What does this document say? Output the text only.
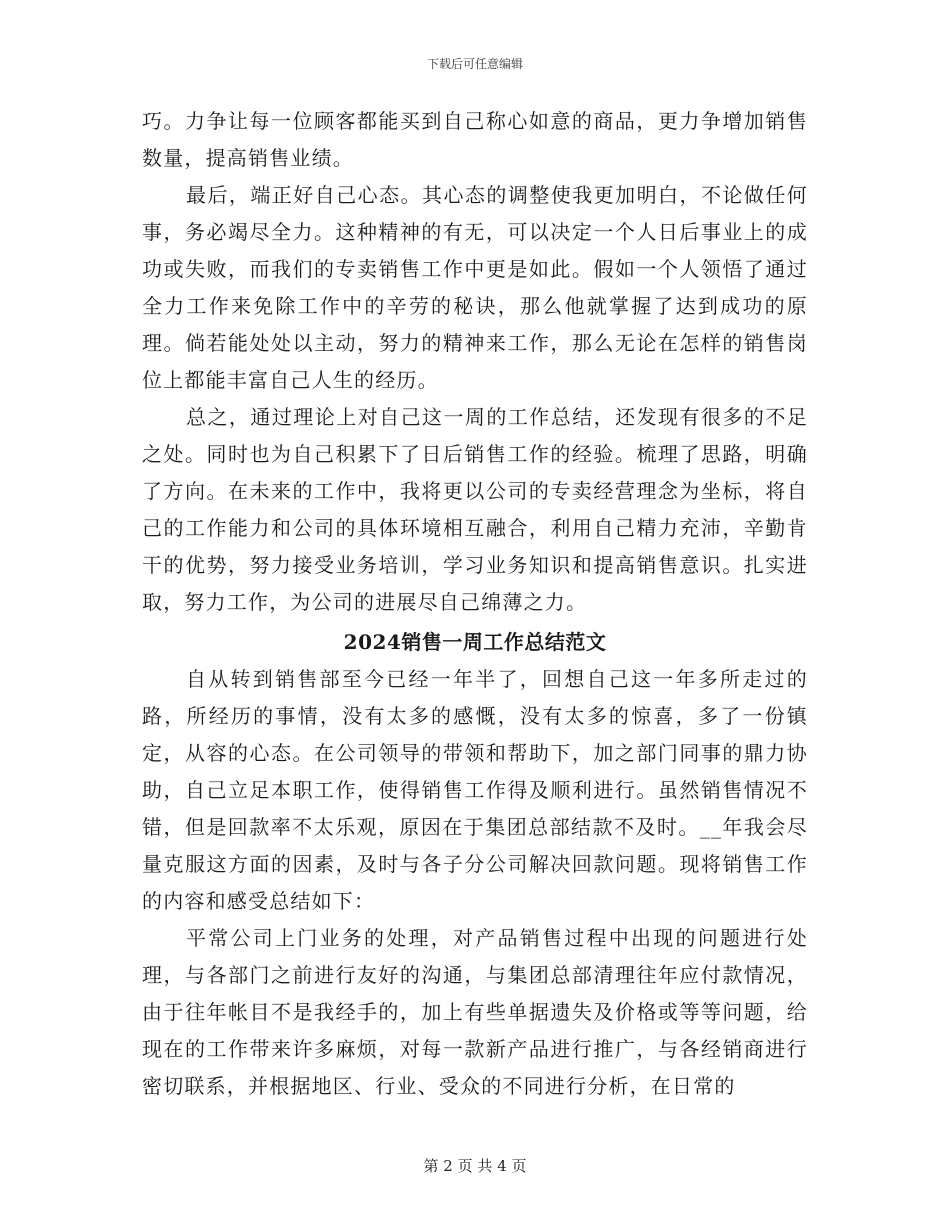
下载后可任意编辑

巧。力争让每一位顾客都能买到自己称心如意的商品，更力争增加销售数量，提高销售业绩。

最后，端正好自己心态。其心态的调整使我更加明白，不论做任何事，务必竭尽全力。这种精神的有无，可以决定一个人日后事业上的成功或失败，而我们的专卖销售工作中更是如此。假如一个人领悟了通过全力工作来免除工作中的辛劳的秘诀，那么他就掌握了达到成功的原理。倘若能处处以主动，努力的精神来工作，那么无论在怎样的销售岗位上都能丰富自己人生的经历。

总之，通过理论上对自己这一周的工作总结，还发现有很多的不足之处。同时也为自己积累下了日后销售工作的经验。梳理了思路，明确了方向。在未来的工作中，我将更以公司的专卖经营理念为坐标，将自己的工作能力和公司的具体环境相互融合，利用自己精力充沛，辛勤肯干的优势，努力接受业务培训，学习业务知识和提高销售意识。扎实进取，努力工作，为公司的进展尽自己绵薄之力。

2024销售一周工作总结范文

自从转到销售部至今已经一年半了，回想自己这一年多所走过的路，所经历的事情，没有太多的感慨，没有太多的惊喜，多了一份镇定，从容的心态。在公司领导的带领和帮助下，加之部门同事的鼎力协助，自己立足本职工作，使得销售工作得及顺利进行。虽然销售情况不错，但是回款率不太乐观，原因在于集团总部结款不及时。__年我会尽量克服这方面的因素，及时与各子分公司解决回款问题。现将销售工作的内容和感受总结如下：

平常公司上门业务的处理，对产品销售过程中出现的问题进行处理，与各部门之前进行友好的沟通，与集团总部清理往年应付款情况，由于往年帐目不是我经手的，加上有些单据遗失及价格或等等问题，给现在的工作带来许多麻烦，对每一款新产品进行推广，与各经销商进行密切联系，并根据地区、行业、受众的不同进行分析，在日常的

第 2 页 共 4 页
